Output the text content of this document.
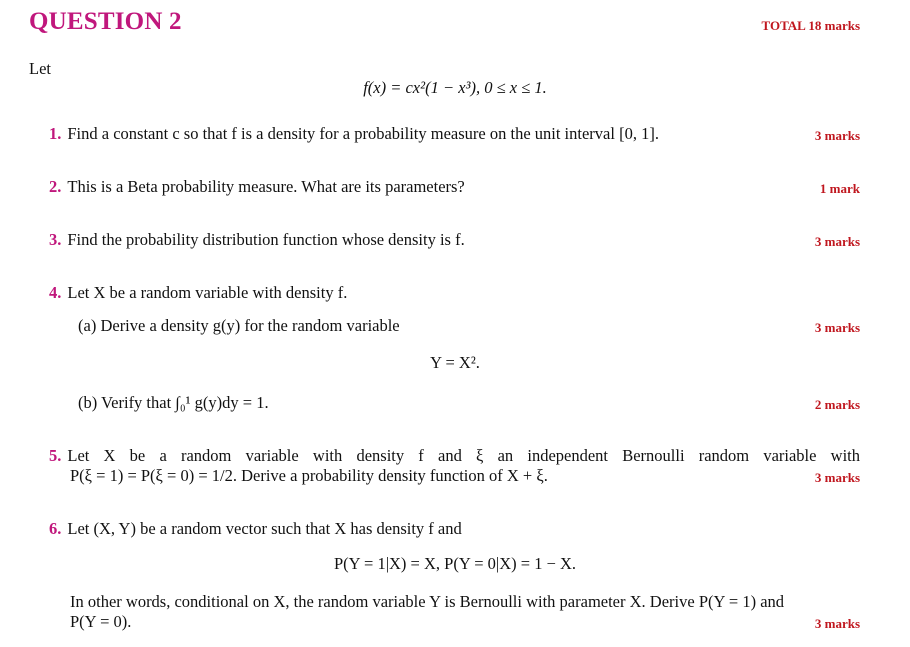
QUESTION 2	TOTAL 18 marks
Let
f(x) = cx²(1 − x³), 0 ≤ x ≤ 1.
1. Find a constant c so that f is a density for a probability measure on the unit interval [0, 1].	3 marks
2. This is a Beta probability measure. What are its parameters?	1 mark
3. Find the probability distribution function whose density is f.	3 marks
4. Let X be a random variable with density f.
(a) Derive a density g(y) for the random variable	3 marks
Y = X².
(b) Verify that ∫₀¹ g(y)dy = 1.	2 marks
5. Let X be a random variable with density f and ξ an independent Bernoulli random variable with
P(ξ = 1) = P(ξ = 0) = 1/2. Derive a probability density function of X + ξ.	3 marks
6. Let (X, Y) be a random vector such that X has density f and
P(Y = 1|X) = X, P(Y = 0|X) = 1 − X.
In other words, conditional on X, the random variable Y is Bernoulli with parameter X. Derive P(Y = 1) and
P(Y = 0).	3 marks
